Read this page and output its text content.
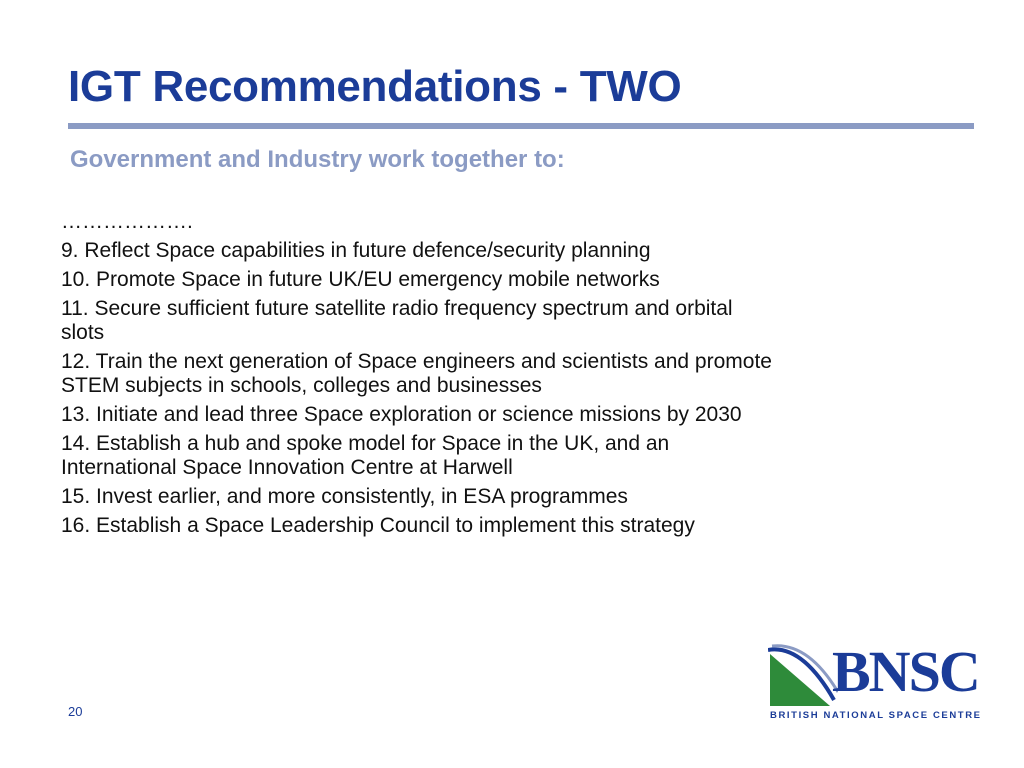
IGT Recommendations - TWO
Government and Industry work together to:
……………….
9. Reflect Space capabilities in future defence/security planning
10. Promote Space in future UK/EU emergency mobile networks
11. Secure sufficient future satellite radio frequency spectrum and orbital slots
12. Train the next generation of Space engineers and scientists and promote STEM subjects in schools, colleges and businesses
13. Initiate and lead three Space exploration or science missions by 2030
14. Establish a hub and spoke model for Space in the UK, and an International Space Innovation Centre at Harwell
15. Invest earlier, and more consistently, in ESA programmes
16. Establish a Space Leadership Council to implement this strategy
20
BNSC
BRITISH NATIONAL SPACE CENTRE
